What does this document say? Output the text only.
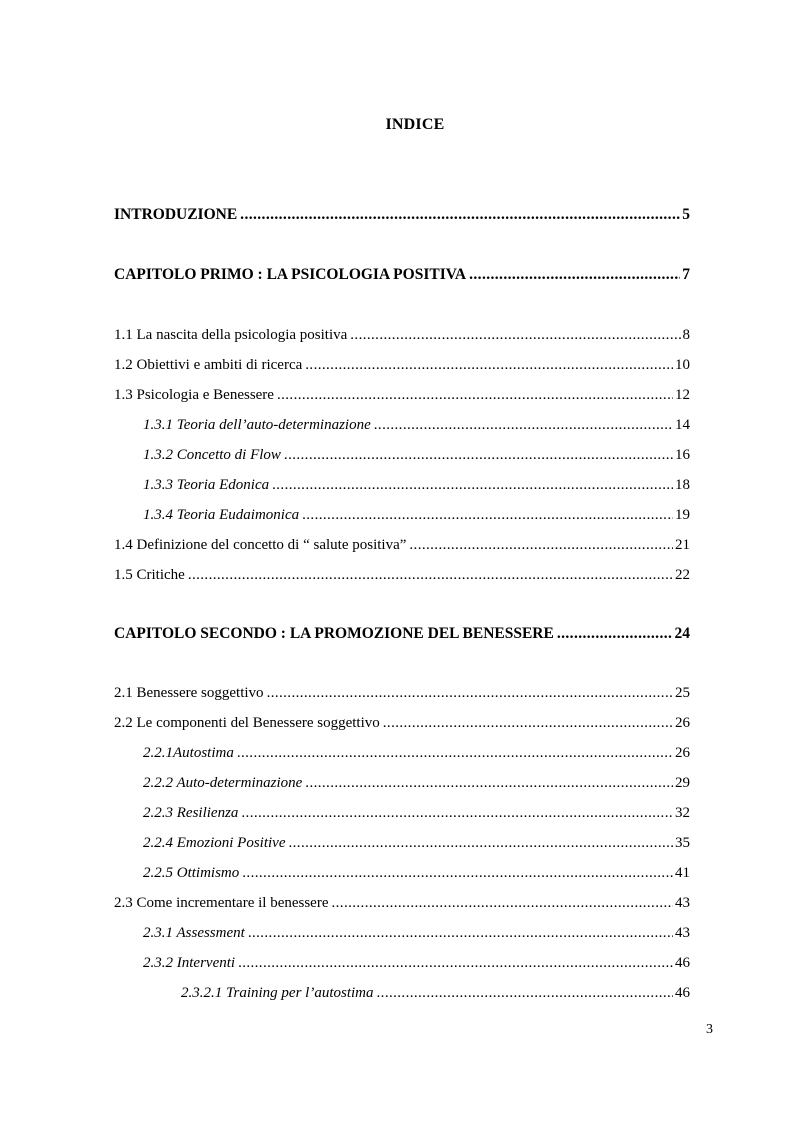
INDICE
INTRODUZIONE .....	5
CAPITOLO PRIMO : LA PSICOLOGIA POSITIVA .....	7
1.1 La nascita della psicologia positiva .....	8
1.2 Obiettivi e ambiti di ricerca .....	10
1.3 Psicologia e Benessere .....	12
1.3.1 Teoria dell’auto-determinazione .....	14
1.3.2 Concetto di Flow .....	16
1.3.3 Teoria Edonica .....	18
1.3.4 Teoria Eudaimonica .....	19
1.4 Definizione del concetto di “ salute positiva” .....	21
1.5 Critiche .....	22
CAPITOLO SECONDO : LA PROMOZIONE DEL BENESSERE .....	24
2.1 Benessere soggettivo .....	25
2.2 Le componenti del Benessere soggettivo .....	26
2.2.1Autostima .....	26
2.2.2 Auto-determinazione .....	29
2.2.3 Resilienza .....	32
2.2.4 Emozioni Positive .....	35
2.2.5 Ottimismo .....	41
2.3 Come incrementare il benessere .....	43
2.3.1 Assessment .....	43
2.3.2 Interventi .....	46
2.3.2.1 Training per l’autostima .....	46
3
